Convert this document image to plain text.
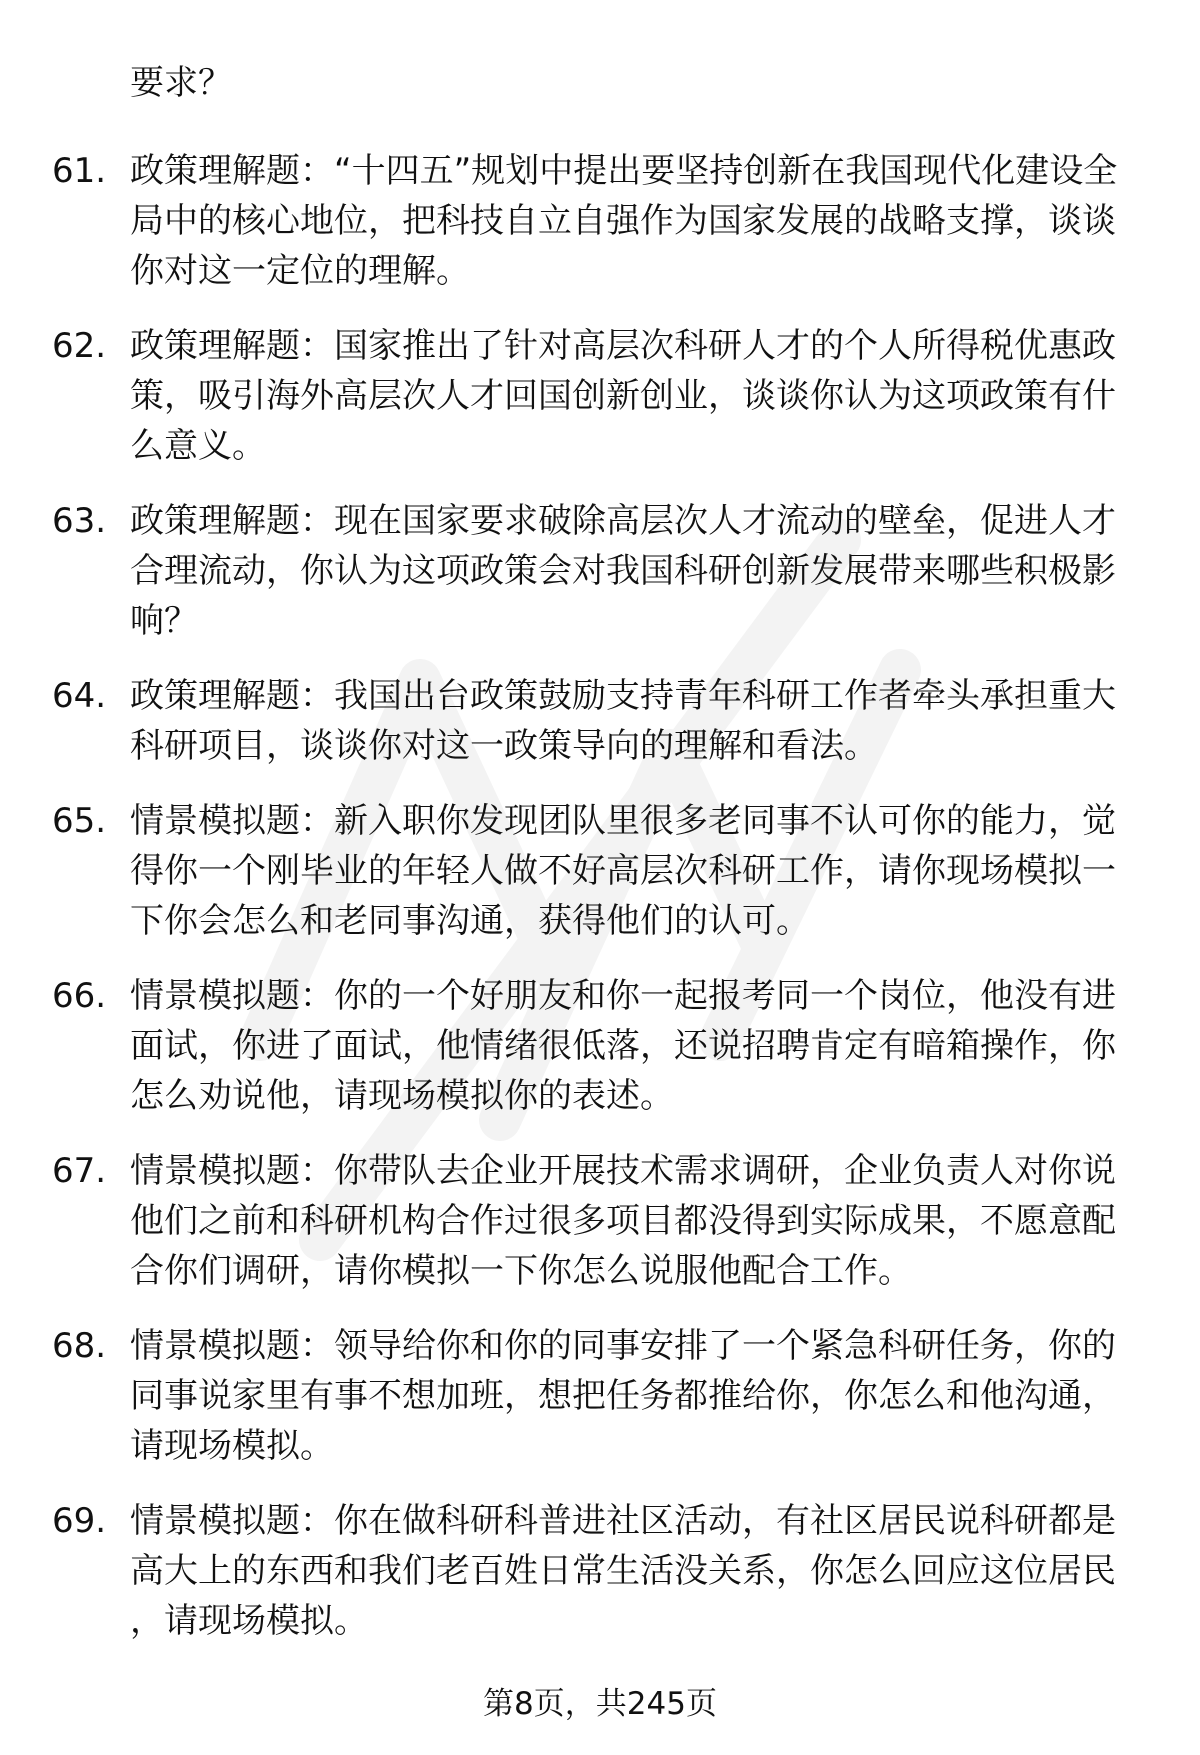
要求？
61. 政策理解题：“十四五”规划中提出要坚持创新在我国现代化建设全局中的核心地位，把科技自立自强作为国家发展的战略支撑，谈谈你对这一定位的理解。
62. 政策理解题：国家推出了针对高层次科研人才的个人所得税优惠政策，吸引海外高层次人才回国创新创业，谈谈你认为这项政策有什么意义。
63. 政策理解题：现在国家要求破除高层次人才流动的壁垒，促进人才合理流动，你认为这项政策会对我国科研创新发展带来哪些积极影响？
64. 政策理解题：我国出台政策鼓励支持青年科研工作者牵头承担重大科研项目，谈谈你对这一政策导向的理解和看法。
65. 情景模拟题：新入职你发现团队里很多老同事不认可你的能力，觉得你一个刚毕业的年轻人做不好高层次科研工作，请你现场模拟一下你会怎么和老同事沟通，获得他们的认可。
66. 情景模拟题：你的一个好朋友和你一起报考同一个岗位，他没有进面试，你进了面试，他情绪很低落，还说招聘肯定有暗箱操作，你怎么劝说他，请现场模拟你的表述。
67. 情景模拟题：你带队去企业开展技术需求调研，企业负责人对你说他们之前和科研机构合作过很多项目都没得到实际成果，不愿意配合你们调研，请你模拟一下你怎么说服他配合工作。
68. 情景模拟题：领导给你和你的同事安排了一个紧急科研任务，你的同事说家里有事不想加班，想把任务都推给你，你怎么和他沟通，请现场模拟。
69. 情景模拟题：你在做科研科普进社区活动，有社区居民说科研都是高大上的东西和我们老百姓日常生活没关系，你怎么回应这位居民，请现场模拟。
第8页，共245页
